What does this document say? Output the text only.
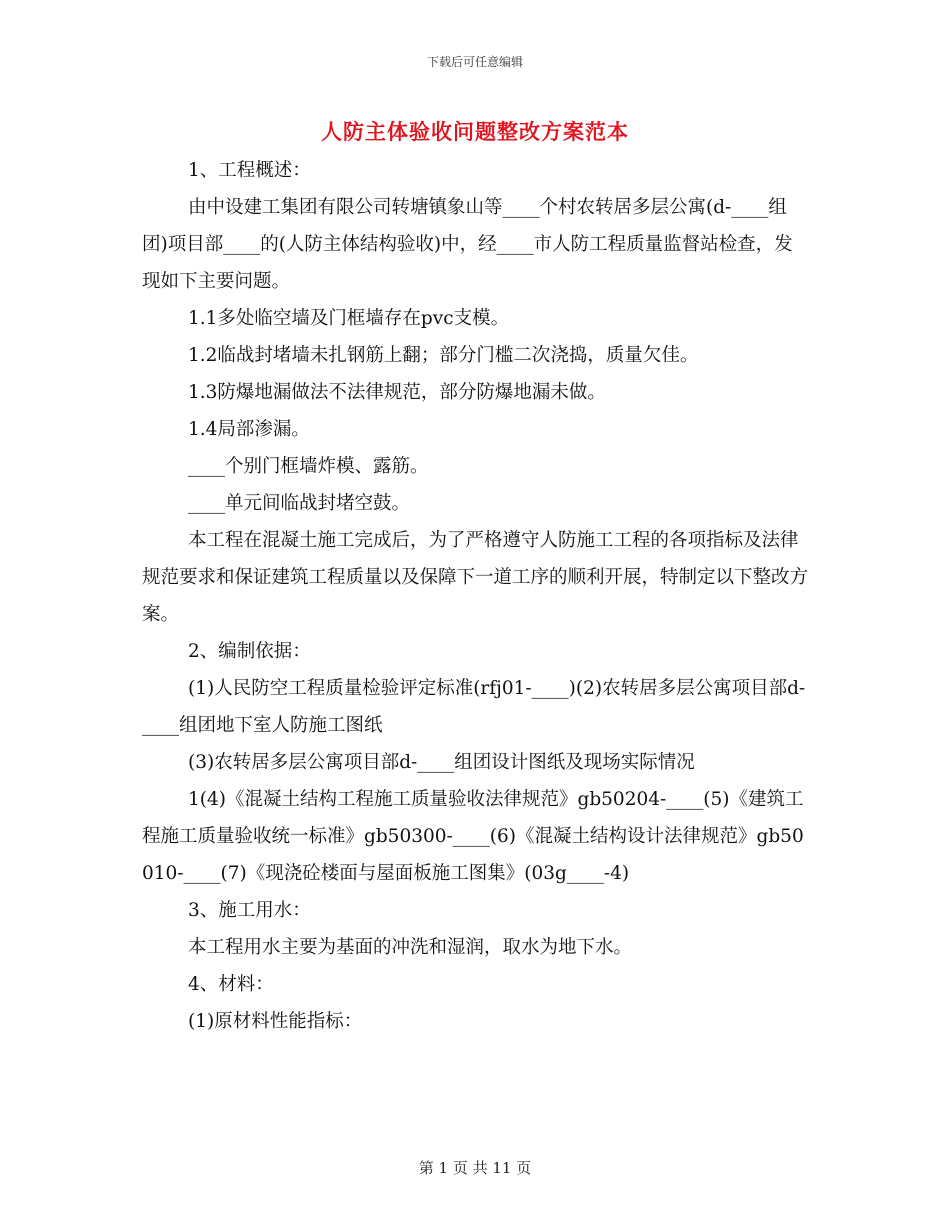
下载后可任意编辑
人防主体验收问题整改方案范本

1、工程概述：

由中设建工集团有限公司转塘镇象山等____个村农转居多层公寓(d-____组团)项目部____的(人防主体结构验收)中，经____市人防工程质量监督站检查，发现如下主要问题。

1.1多处临空墙及门框墙存在pvc支模。

1.2临战封堵墙未扎钢筋上翻；部分门槛二次浇捣，质量欠佳。

1.3防爆地漏做法不法律规范，部分防爆地漏未做。

1.4局部渗漏。

____个别门框墙炸模、露筋。

____单元间临战封堵空鼓。

本工程在混凝土施工完成后，为了严格遵守人防施工工程的各项指标及法律规范要求和保证建筑工程质量以及保障下一道工序的顺利开展，特制定以下整改方案。

2、编制依据：

(1)人民防空工程质量检验评定标准(rfj01-____)(2)农转居多层公寓项目部d-____组团地下室人防施工图纸

(3)农转居多层公寓项目部d-____组团设计图纸及现场实际情况

1(4)《混凝土结构工程施工质量验收法律规范》gb50204-____(5)《建筑工程施工质量验收统一标准》gb50300-____(6)《混凝土结构设计法律规范》gb50010-____(7)《现浇砼楼面与屋面板施工图集》(03g____-4)

3、施工用水：

本工程用水主要为基面的冲洗和湿润，取水为地下水。

4、材料：

(1)原材料性能指标：

第 1 页 共 11 页
